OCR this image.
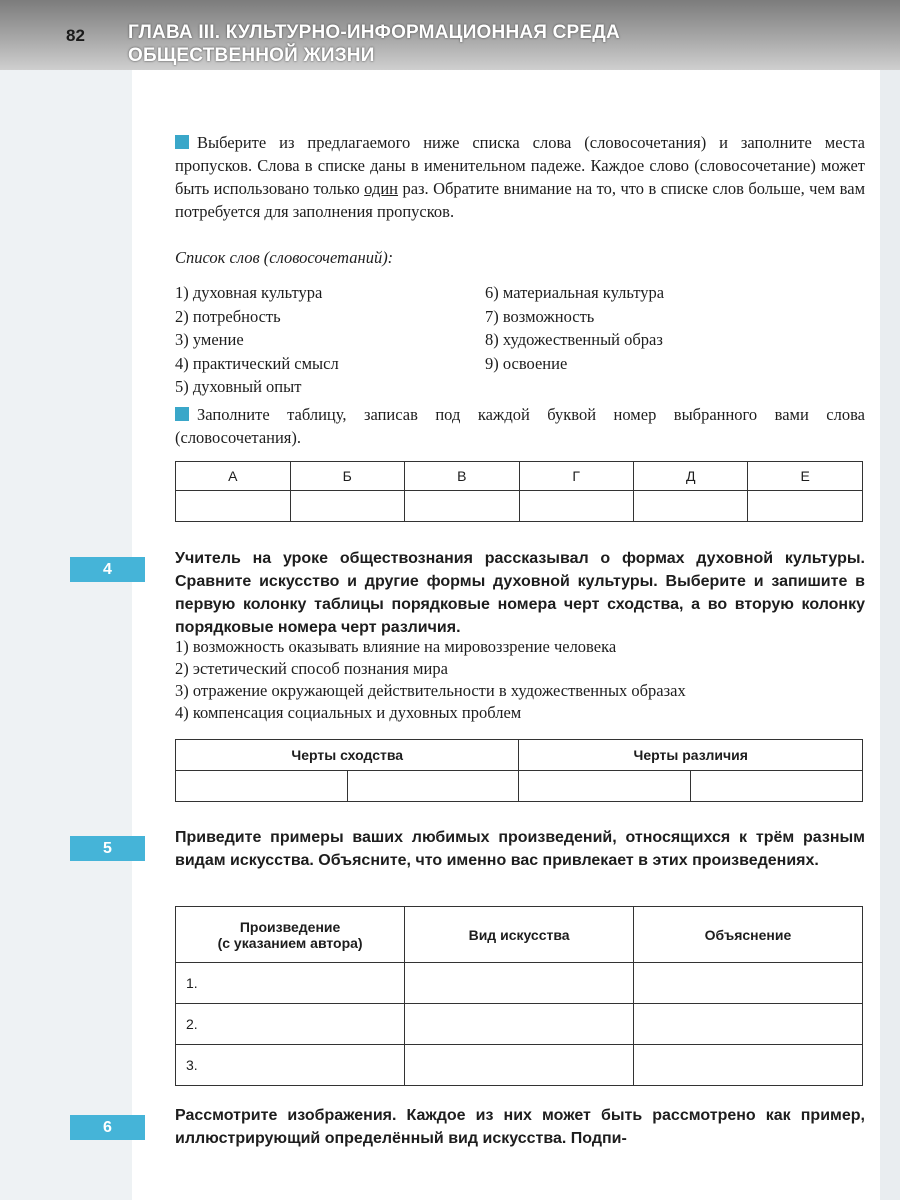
82 ГЛАВА III. КУЛЬТУРНО-ИНФОРМАЦИОННАЯ СРЕДА
ОБЩЕСТВЕННОЙ ЖИЗНИ
Выберите из предлагаемого ниже списка слова (словосочетания) и заполните места пропусков. Слова в списке даны в именительном падеже. Каждое слово (словосочетание) может быть использовано только один раз. Обратите внимание на то, что в списке слов больше, чем вам потребуется для заполнения пропусков.
Список слов (словосочетаний):
1) духовная культура
2) потребность
3) умение
4) практический смысл
5) духовный опыт
6) материальная культура
7) возможность
8) художественный образ
9) освоение
Заполните таблицу, записав под каждой буквой номер выбранного вами слова (словосочетания).
А	Б	В	Г	Д	Е

4
Учитель на уроке обществознания рассказывал о формах духовной культуры. Сравните искусство и другие формы духовной культуры. Выберите и запишите в первую колонку таблицы порядковые номера черт сходства, а во вторую колонку порядковые номера черт различия.
1) возможность оказывать влияние на мировоззрение человека
2) эстетический способ познания мира
3) отражение окружающей действительности в художественных образах
4) компенсация социальных и духовных проблем
Черты сходства		Черты различия	

5
Приведите примеры ваших любимых произведений, относящихся к трём разным видам искусства. Объясните, что именно вас привлекает в этих произведениях.
Произведение
(с указанием автора)	Вид искусства	Объяснение
1.		
2.		
3.		
6
Рассмотрите изображения. Каждое из них может быть рассмотрено как пример, иллюстрирующий определённый вид искусства. Подпи-
